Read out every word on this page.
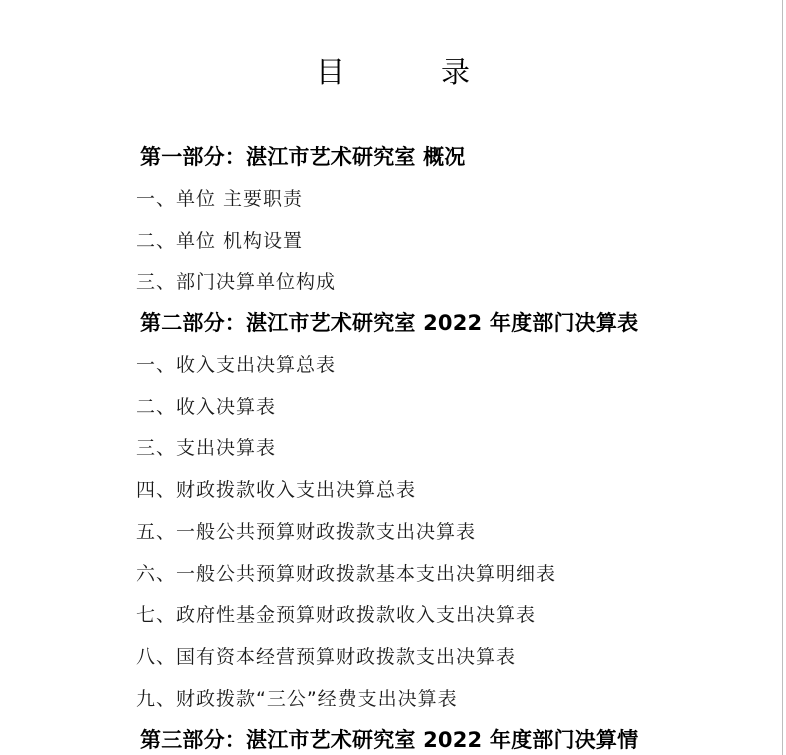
目	录
第一部分：湛江市艺术研究室 概况
一、单位 主要职责
二、单位 机构设置
三、部门决算单位构成
第二部分：湛江市艺术研究室 2022 年度部门决算表
一、收入支出决算总表
二、收入决算表
三、支出决算表
四、财政拨款收入支出决算总表
五、一般公共预算财政拨款支出决算表
六、一般公共预算财政拨款基本支出决算明细表
七、政府性基金预算财政拨款收入支出决算表
八、国有资本经营预算财政拨款支出决算表
九、财政拨款“三公”经费支出决算表
第三部分：湛江市艺术研究室 2022 年度部门决算情
